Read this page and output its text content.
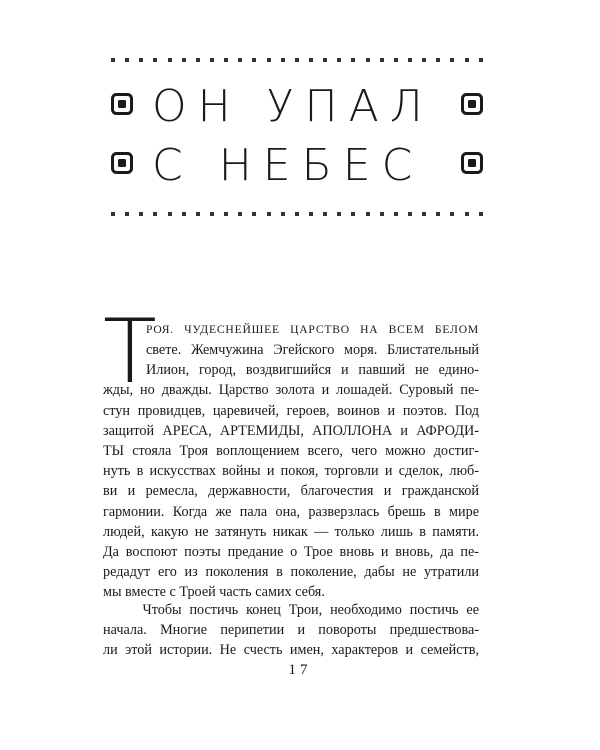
ОН УПАЛ
С НЕБЕС
Т
РОЯ. ЧУДЕСНЕЙШЕЕ ЦАРСТВО НА ВСЕМ БЕЛОМ
свете. Жемчужина Эгейского моря. Блистательный
Илион, город, воздвигшийся и павший не едино-
жды, но дважды. Царство золота и лошадей. Суровый пе-
стун провидцев, царевичей, героев, воинов и поэтов. Под
защитой АРЕСА, АРТЕМИДЫ, АПОЛЛОНА и АФРОДИ-
ТЫ стояла Троя воплощением всего, чего можно достиг-
нуть в искусствах войны и покоя, торговли и сделок, люб-
ви и ремесла, державности, благочестия и гражданской
гармонии. Когда же пала она, разверзлась брешь в мире
людей, какую не затянуть никак — только лишь в памяти.
Да воспоют поэты предание о Трое вновь и вновь, да пе-
редадут его из поколения в поколение, дабы не утратили
мы вместе с Троей часть самих себя.
Чтобы постичь конец Трои, необходимо постичь ее
начала. Многие перипетии и повороты предшествова-
ли этой истории. Не счесть имен, характеров и семейств,
17
